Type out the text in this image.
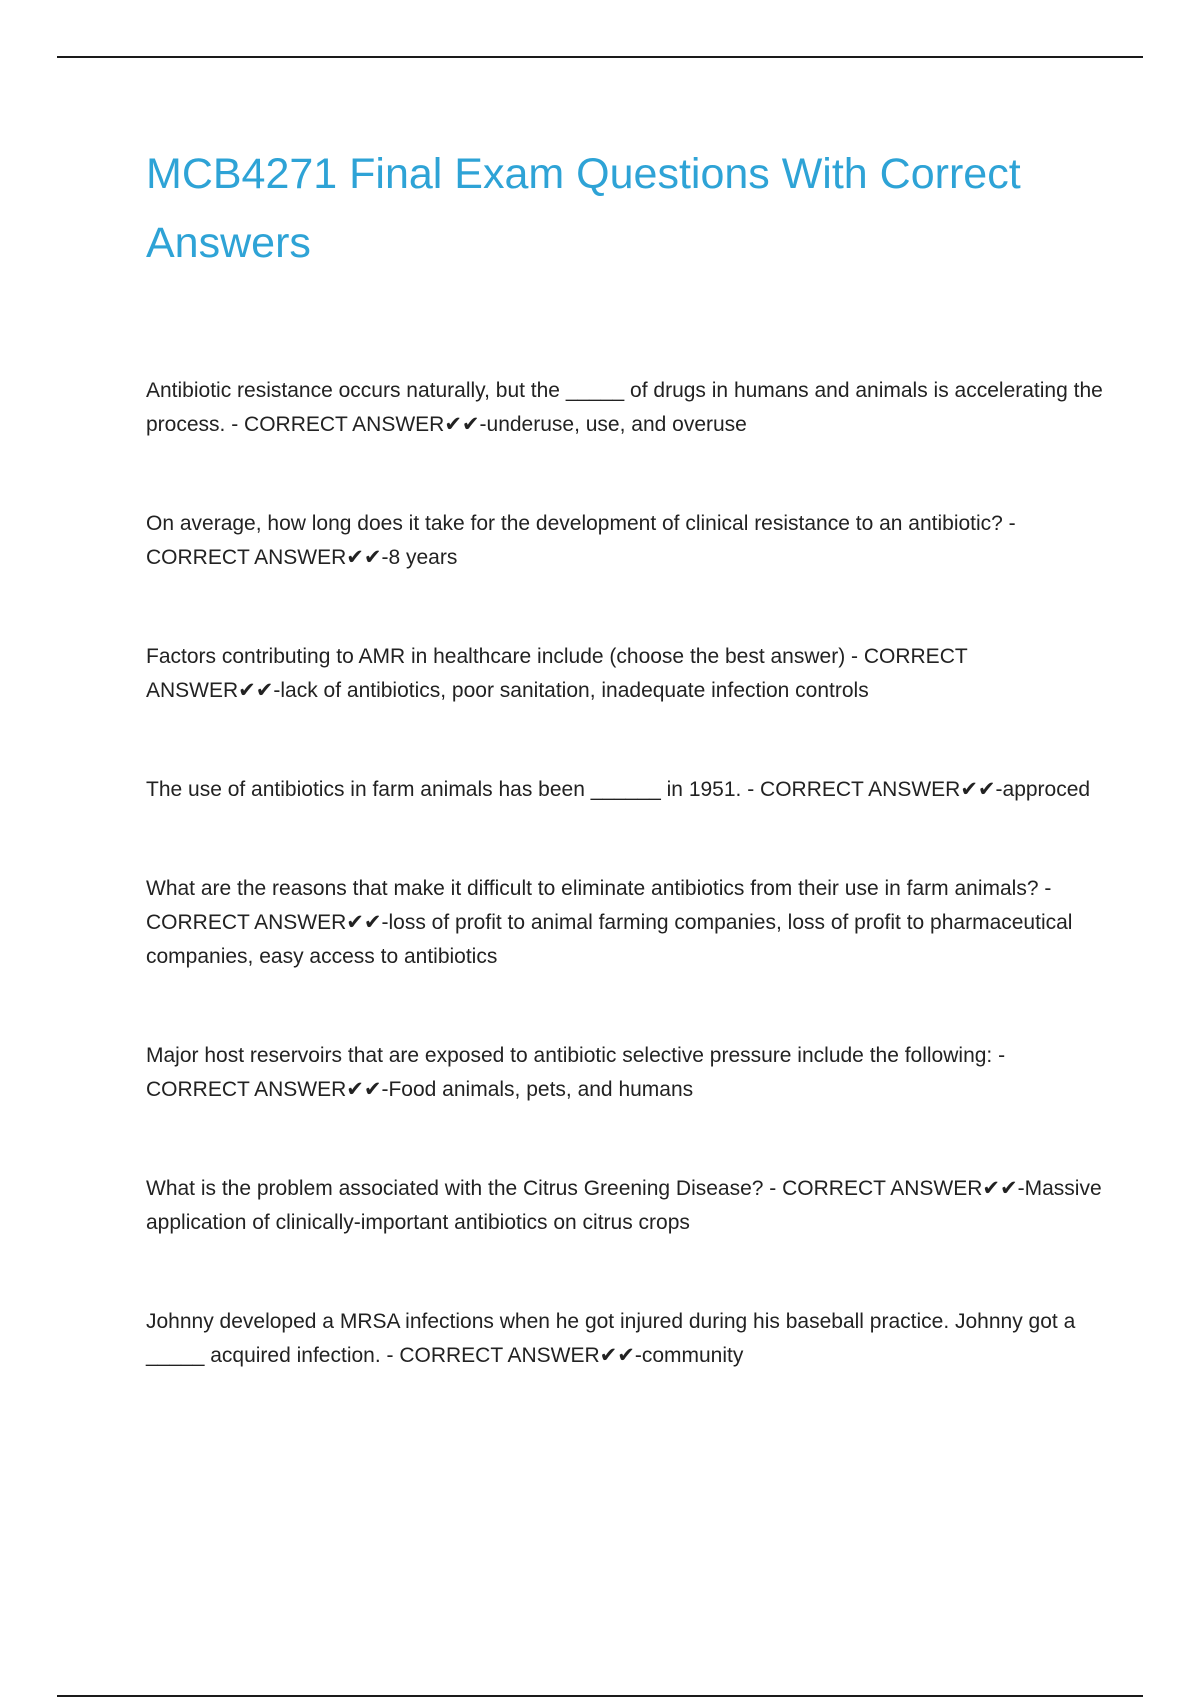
MCB4271 Final Exam Questions With Correct Answers

Antibiotic resistance occurs naturally, but the _____ of drugs in humans and animals is accelerating the process. - CORRECT ANSWER✔✔-underuse, use, and overuse

On average, how long does it take for the development of clinical resistance to an antibiotic? - CORRECT ANSWER✔✔-8 years

Factors contributing to AMR in healthcare include (choose the best answer) - CORRECT ANSWER✔✔-lack of antibiotics, poor sanitation, inadequate infection controls

The use of antibiotics in farm animals has been ______ in 1951. - CORRECT ANSWER✔✔-approced

What are the reasons that make it difficult to eliminate antibiotics from their use in farm animals? - CORRECT ANSWER✔✔-loss of profit to animal farming companies, loss of profit to pharmaceutical companies, easy access to antibiotics

Major host reservoirs that are exposed to antibiotic selective pressure include the following: - CORRECT ANSWER✔✔-Food animals, pets, and humans

What is the problem associated with the Citrus Greening Disease? - CORRECT ANSWER✔✔-Massive application of clinically-important antibiotics on citrus crops

Johnny developed a MRSA infections when he got injured during his baseball practice. Johnny got a _____ acquired infection. - CORRECT ANSWER✔✔-community
